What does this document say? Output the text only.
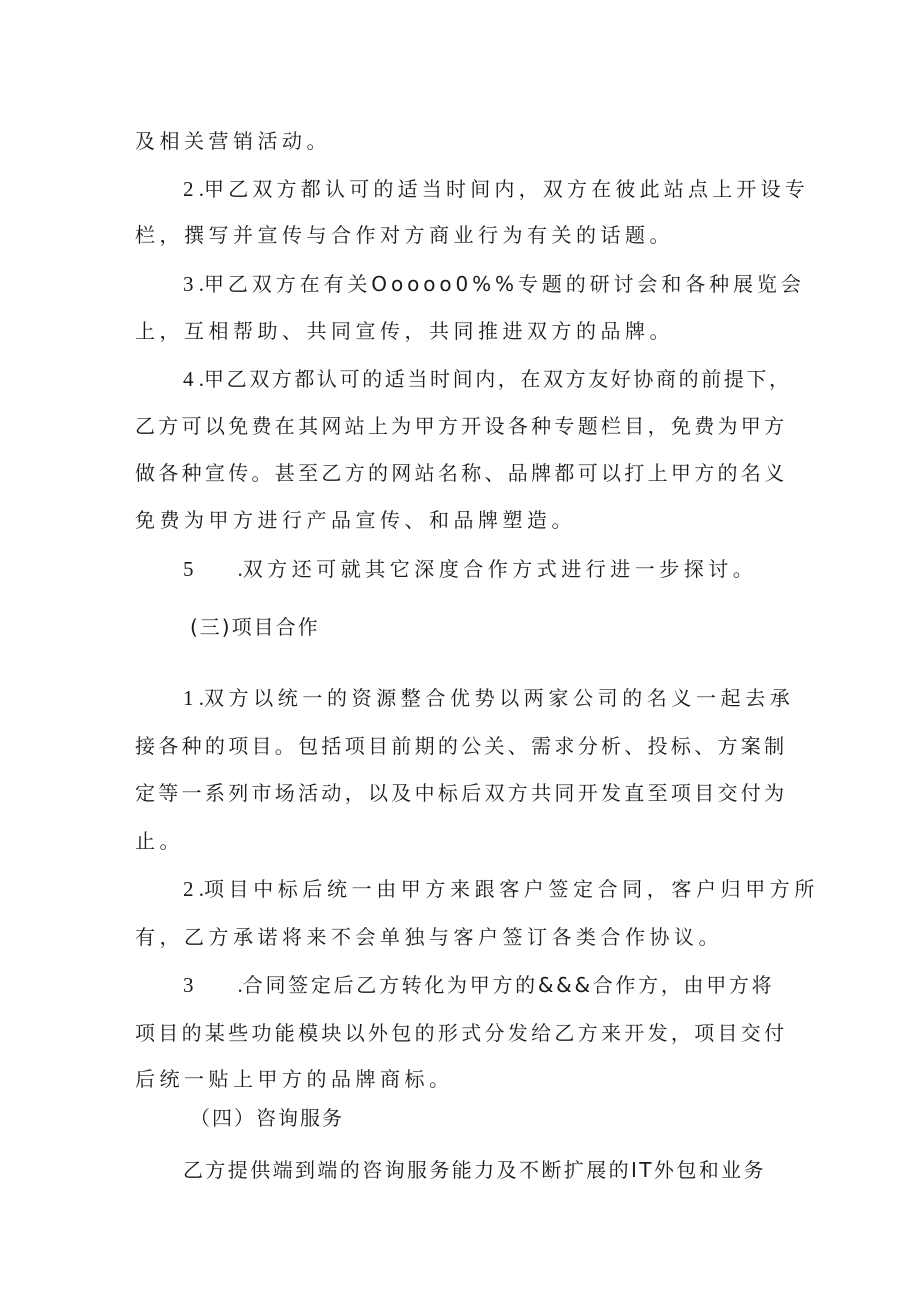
及相关营销活动。
2 .甲乙双方都认可的适当时间内，双方在彼此站点上开设专
栏，撰写并宣传与合作对方商业行为有关的话题。
3 .甲乙双方在有关Ooooo0%%专题的研讨会和各种展览会
上，互相帮助、共同宣传，共同推进双方的品牌。
4 .甲乙双方都认可的适当时间内，在双方友好协商的前提下，
乙方可以免费在其网站上为甲方开设各种专题栏目，免费为甲方
做各种宣传。甚至乙方的网站名称、品牌都可以打上甲方的名义
免费为甲方进行产品宣传、和品牌塑造。
5 .双方还可就其它深度合作方式进行进一步探讨。
(三)项目合作
1 .双方以统一的资源整合优势以两家公司的名义一起去承
接各种的项目。包括项目前期的公关、需求分析、投标、方案制
定等一系列市场活动，以及中标后双方共同开发直至项目交付为
止。
2 .项目中标后统一由甲方来跟客户签定合同，客户归甲方所
有，乙方承诺将来不会单独与客户签订各类合作协议。
3 .合同签定后乙方转化为甲方的&&&合作方，由甲方将
项目的某些功能模块以外包的形式分发给乙方来开发，项目交付
后统一贴上甲方的品牌商标。
（四）咨询服务
乙方提供端到端的咨询服务能力及不断扩展的IT外包和业务
